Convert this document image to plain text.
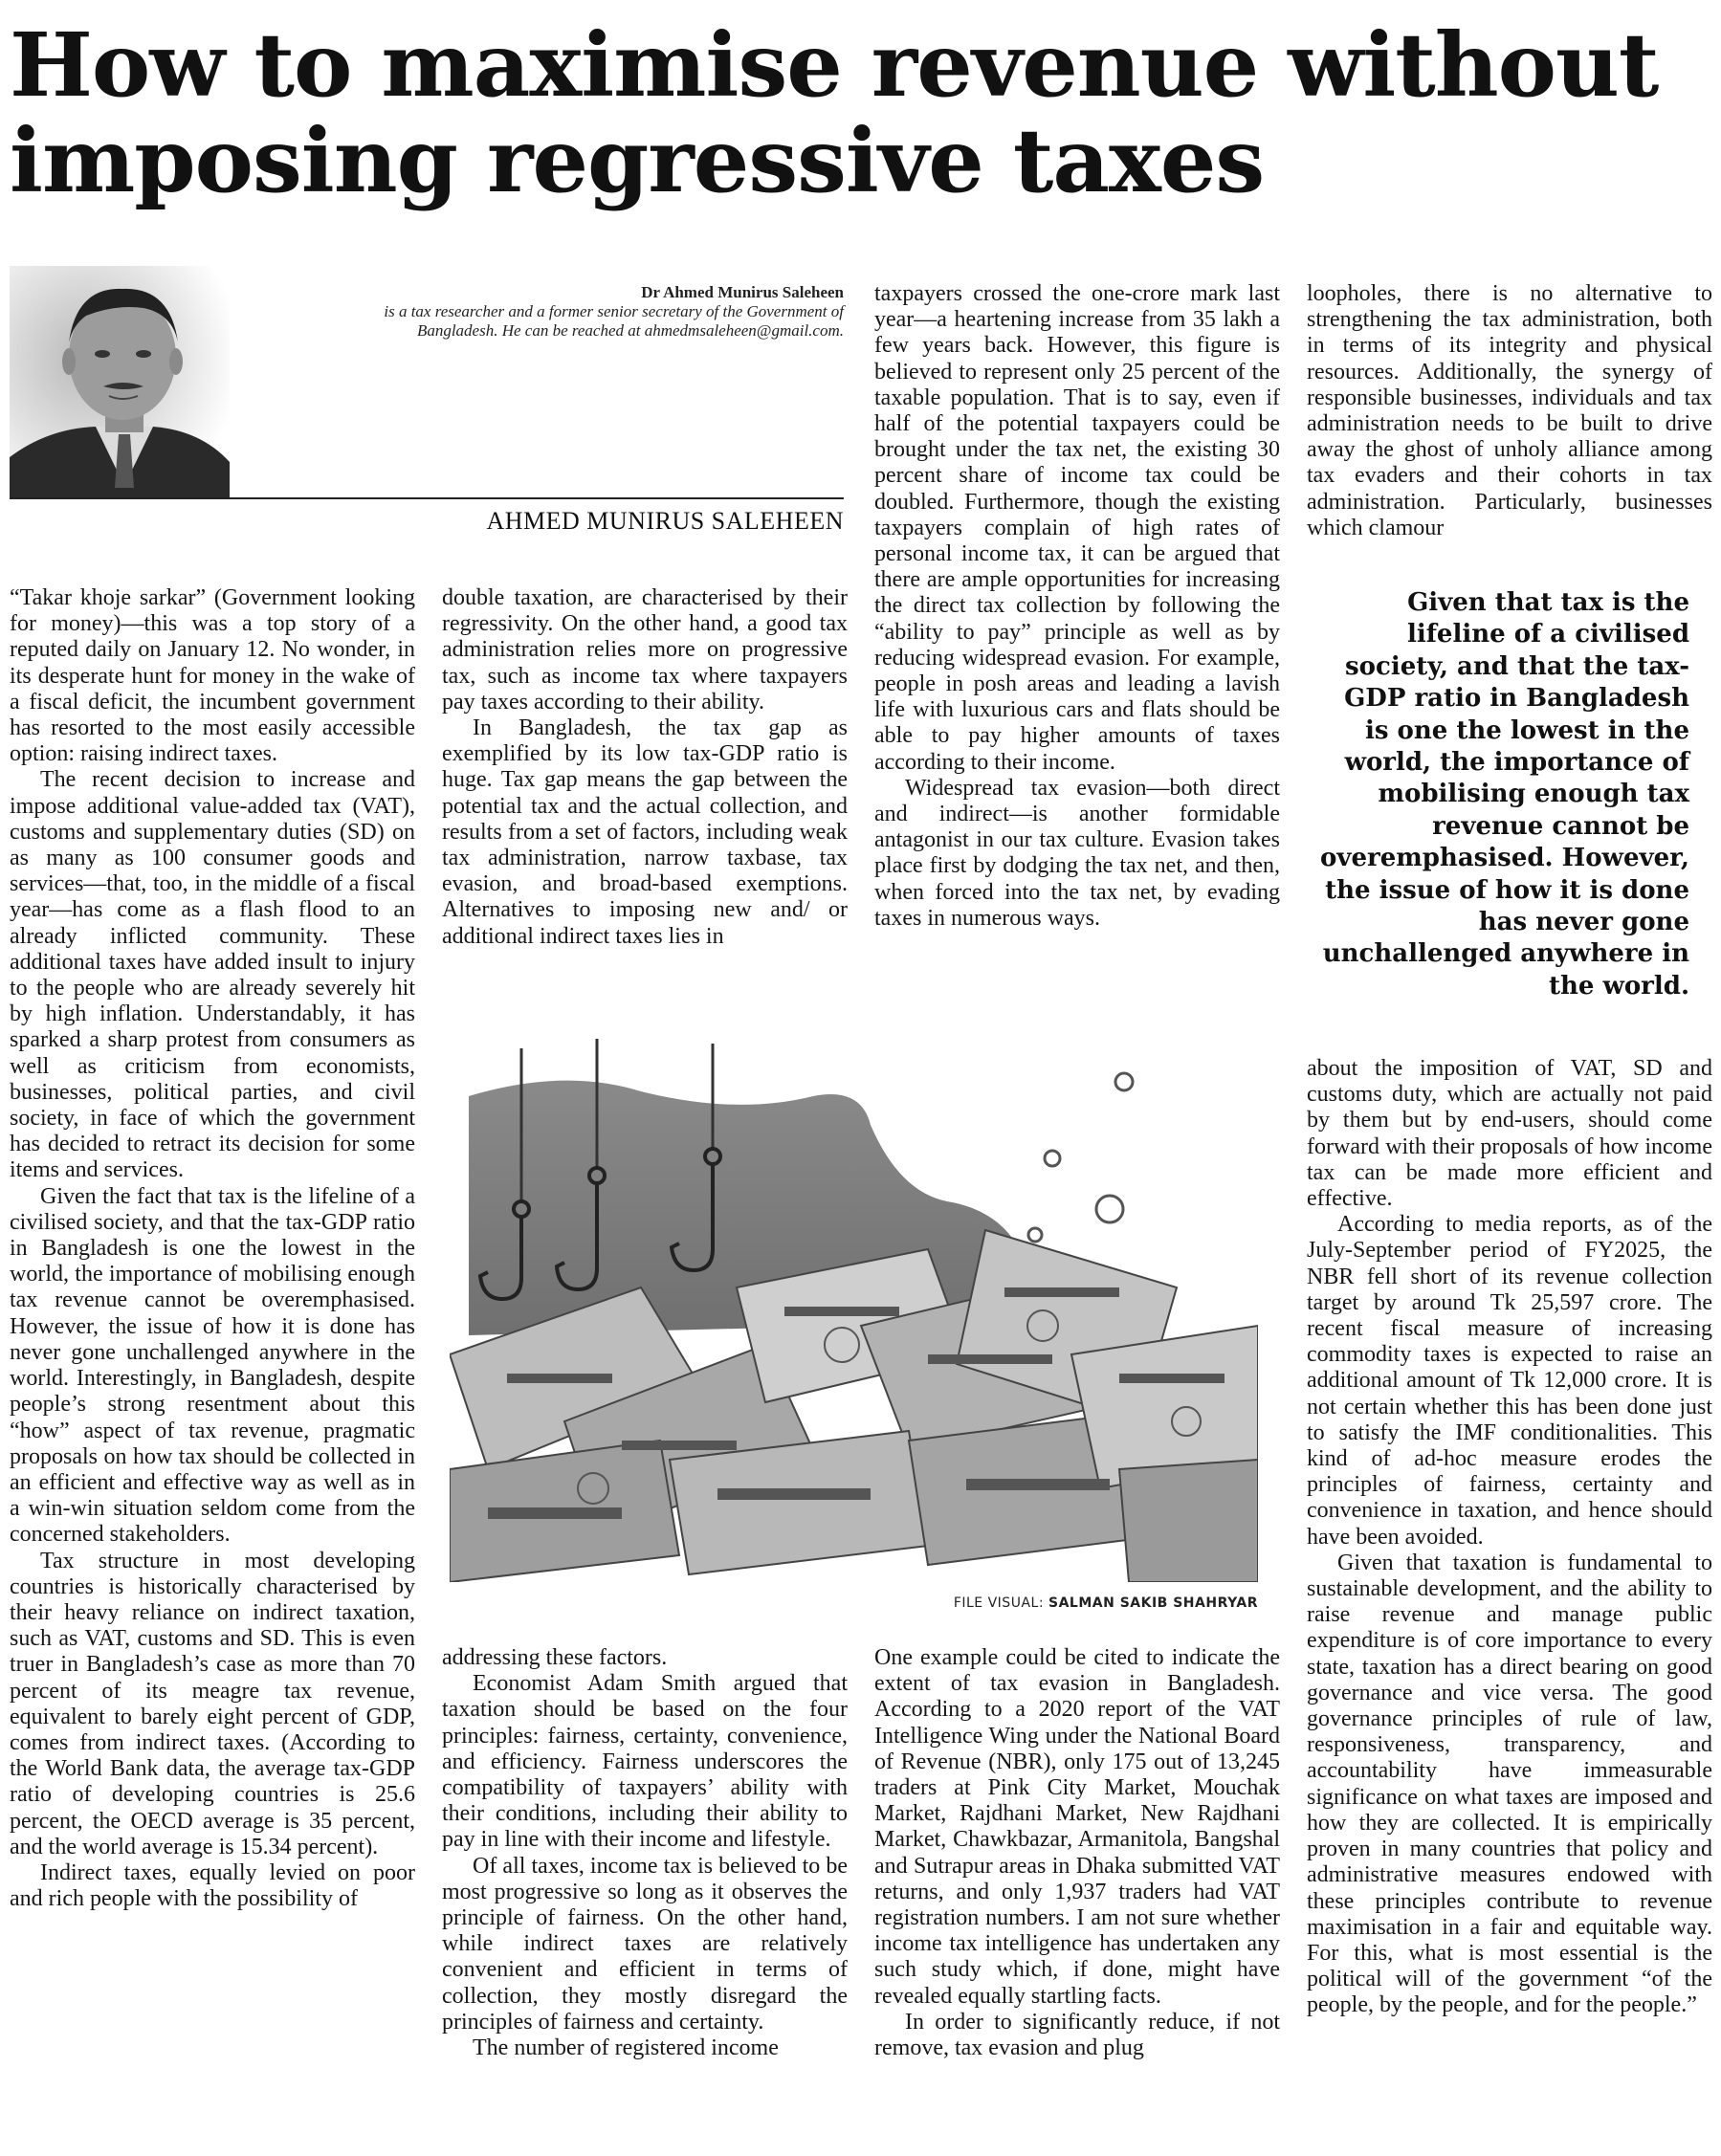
How to maximise revenue without imposing regressive taxes
Dr Ahmed Munirus Saleheen
is a tax researcher and a former senior secretary of the Government of Bangladesh. He can be reached at ahmedmsaleheen@gmail.com.
AHMED MUNIRUS SALEHEEN

“Takar khoje sarkar” (Government looking for money)—this was a top story of a reputed daily on January 12. No wonder, in its desperate hunt for money in the wake of a fiscal deficit, the incumbent government has resorted to the most easily accessible option: raising indirect taxes.

The recent decision to increase and impose additional value-added tax (VAT), customs and supplementary duties (SD) on as many as 100 consumer goods and services—that, too, in the middle of a fiscal year—has come as a flash flood to an already inflicted community. These additional taxes have added insult to injury to the people who are already severely hit by high inflation. Understandably, it has sparked a sharp protest from consumers as well as criticism from economists, businesses, political parties, and civil society, in face of which the government has decided to retract its decision for some items and services.

Given the fact that tax is the lifeline of a civilised society, and that the tax-GDP ratio in Bangladesh is one the lowest in the world, the importance of mobilising enough tax revenue cannot be overemphasised. However, the issue of how it is done has never gone unchallenged anywhere in the world. Interestingly, in Bangladesh, despite people’s strong resentment about this “how” aspect of tax revenue, pragmatic proposals on how tax should be collected in an efficient and effective way as well as in a win-win situation seldom come from the concerned stakeholders.

Tax structure in most developing countries is historically characterised by their heavy reliance on indirect taxation, such as VAT, customs and SD. This is even truer in Bangladesh’s case as more than 70 percent of its meagre tax revenue, equivalent to barely eight percent of GDP, comes from indirect taxes. (According to the World Bank data, the average tax-GDP ratio of developing countries is 25.6 percent, the OECD average is 35 percent, and the world average is 15.34 percent).

Indirect taxes, equally levied on poor and rich people with the possibility of

double taxation, are characterised by their regressivity. On the other hand, a good tax administration relies more on progressive tax, such as income tax where taxpayers pay taxes according to their ability.

In Bangladesh, the tax gap as exemplified by its low tax-GDP ratio is huge. Tax gap means the gap between the potential tax and the actual collection, and results from a set of factors, including weak tax administration, narrow taxbase, tax evasion, and broad-based exemptions. Alternatives to imposing new and/ or additional indirect taxes lies in

taxpayers crossed the one-crore mark last year—a heartening increase from 35 lakh a few years back. However, this figure is believed to represent only 25 percent of the taxable population. That is to say, even if half of the potential taxpayers could be brought under the tax net, the existing 30 percent share of income tax could be doubled. Furthermore, though the existing taxpayers complain of high rates of personal income tax, it can be argued that there are ample opportunities for increasing the direct tax collection by following the “ability to pay” principle as well as by reducing widespread evasion. For example, people in posh areas and leading a lavish life with luxurious cars and flats should be able to pay higher amounts of taxes according to their income.

Widespread tax evasion—both direct and indirect—is another formidable antagonist in our tax culture. Evasion takes place first by dodging the tax net, and then, when forced into the tax net, by evading taxes in numerous ways.

loopholes, there is no alternative to strengthening the tax administration, both in terms of its integrity and physical resources. Additionally, the synergy of responsible businesses, individuals and tax administration needs to be built to drive away the ghost of unholy alliance among tax evaders and their cohorts in tax administration. Particularly, businesses which clamour

Given that tax is the lifeline of a civilised society, and that the tax-GDP ratio in Bangladesh is one the lowest in the world, the importance of mobilising enough tax revenue cannot be overemphasised. However, the issue of how it is done has never gone unchallenged anywhere in the world.
FILE VISUAL: SALMAN SAKIB SHAHRYAR

addressing these factors.

Economist Adam Smith argued that taxation should be based on the four principles: fairness, certainty, convenience, and efficiency. Fairness underscores the compatibility of taxpayers’ ability with their conditions, including their ability to pay in line with their income and lifestyle.

Of all taxes, income tax is believed to be most progressive so long as it observes the principle of fairness. On the other hand, while indirect taxes are relatively convenient and efficient in terms of collection, they mostly disregard the principles of fairness and certainty.

The number of registered income

One example could be cited to indicate the extent of tax evasion in Bangladesh. According to a 2020 report of the VAT Intelligence Wing under the National Board of Revenue (NBR), only 175 out of 13,245 traders at Pink City Market, Mouchak Market, Rajdhani Market, New Rajdhani Market, Chawkbazar, Armanitola, Bangshal and Sutrapur areas in Dhaka submitted VAT returns, and only 1,937 traders had VAT registration numbers. I am not sure whether income tax intelligence has undertaken any such study which, if done, might have revealed equally startling facts.

In order to significantly reduce, if not remove, tax evasion and plug

about the imposition of VAT, SD and customs duty, which are actually not paid by them but by end-users, should come forward with their proposals of how income tax can be made more efficient and effective.

According to media reports, as of the July-September period of FY2025, the NBR fell short of its revenue collection target by around Tk 25,597 crore. The recent fiscal measure of increasing commodity taxes is expected to raise an additional amount of Tk 12,000 crore. It is not certain whether this has been done just to satisfy the IMF conditionalities. This kind of ad-hoc measure erodes the principles of fairness, certainty and convenience in taxation, and hence should have been avoided.

Given that taxation is fundamental to sustainable development, and the ability to raise revenue and manage public expenditure is of core importance to every state, taxation has a direct bearing on good governance and vice versa. The good governance principles of rule of law, responsiveness, transparency, and accountability have immeasurable significance on what taxes are imposed and how they are collected. It is empirically proven in many countries that policy and administrative measures endowed with these principles contribute to revenue maximisation in a fair and equitable way. For this, what is most essential is the political will of the government “of the people, by the people, and for the people.”
